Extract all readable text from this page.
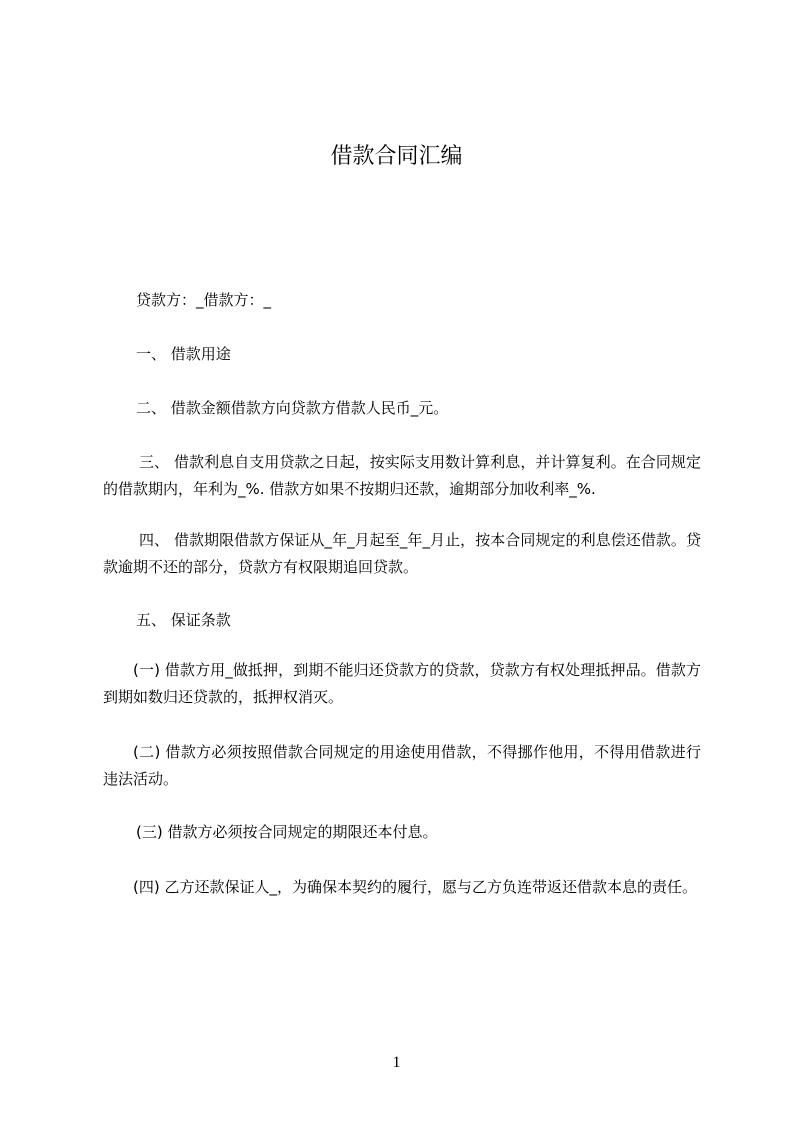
借款合同汇编

贷款方：_借款方：_

一、 借款用途

二、 借款金额借款方向贷款方借款人民币_元。

三、 借款利息自支用贷款之日起，按实际支用数计算利息，并计算复利。在合同规定的借款期内，年利为_%. 借款方如果不按期归还款，逾期部分加收利率_%.

四、 借款期限借款方保证从_年_月起至_年_月止，按本合同规定的利息偿还借款。贷款逾期不还的部分，贷款方有权限期追回贷款。

五、 保证条款

(一) 借款方用_做抵押，到期不能归还贷款方的贷款，贷款方有权处理抵押品。借款方到期如数归还贷款的，抵押权消灭。

(二) 借款方必须按照借款合同规定的用途使用借款，不得挪作他用，不得用借款进行违法活动。

(三) 借款方必须按合同规定的期限还本付息。

(四) 乙方还款保证人_，为确保本契约的履行，愿与乙方负连带返还借款本息的责任。

1
